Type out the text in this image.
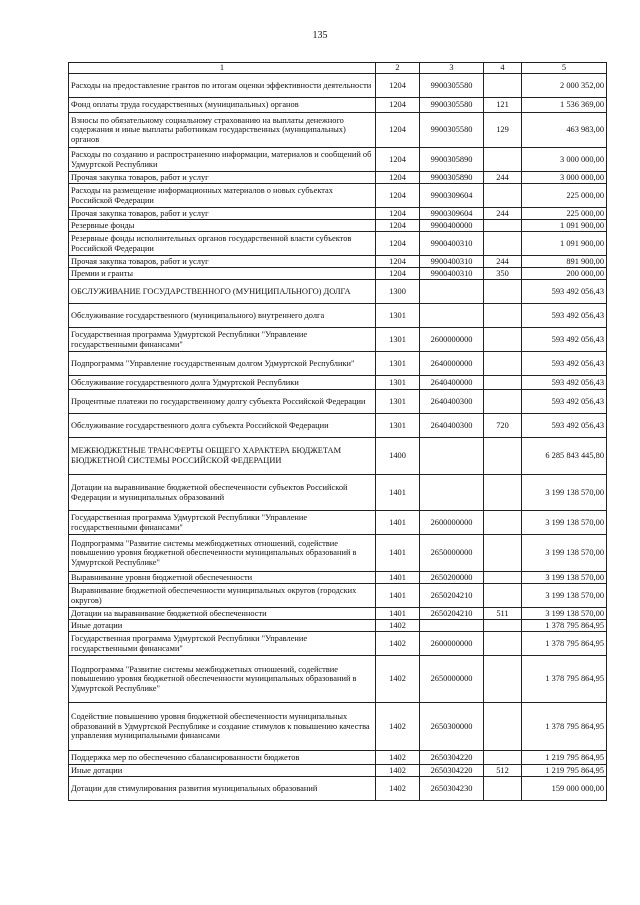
135
1	2	3	4	5
Расходы на предоставление грантов по итогам оценки эффективности деятельности	1204	9900305580		2 000 352,00
Фонд оплаты труда государственных (муниципальных) органов	1204	9900305580	121	1 536 369,00
Взносы по обязательному социальному страхованию на выплаты денежного содержания и иные выплаты работникам государственных (муниципальных) органов	1204	9900305580	129	463 983,00
Расходы по созданию и распространению информации, материалов и сообщений об Удмуртской Республики	1204	9900305890		3 000 000,00
Прочая закупка товаров, работ и услуг	1204	9900305890	244	3 000 000,00
Расходы на размещение информационных материалов о новых субъектах Российской Федерации	1204	9900309604		225 000,00
Прочая закупка товаров, работ и услуг	1204	9900309604	244	225 000,00
Резервные фонды	1204	9900400000		1 091 900,00
Резервные фонды исполнительных органов государственной власти субъектов Российской Федерации	1204	9900400310		1 091 900,00
Прочая закупка товаров, работ и услуг	1204	9900400310	244	891 900,00
Премии и гранты	1204	9900400310	350	200 000,00
ОБСЛУЖИВАНИЕ ГОСУДАРСТВЕННОГО (МУНИЦИПАЛЬНОГО) ДОЛГА	1300			593 492 056,43
Обслуживание государственного (муниципального) внутреннего долга	1301			593 492 056,43
Государственная программа Удмуртской Республики "Управление государственными финансами"	1301	2600000000		593 492 056,43
Подпрограмма "Управление государственным долгом Удмуртской Республики"	1301	2640000000		593 492 056,43
Обслуживание государственного долга Удмуртской Республики	1301	2640400000		593 492 056,43
Процентные платежи по государственному долгу субъекта Российской Федерации	1301	2640400300		593 492 056,43
Обслуживание государственного долга субъекта Российской Федерации	1301	2640400300	720	593 492 056,43
МЕЖБЮДЖЕТНЫЕ ТРАНСФЕРТЫ ОБЩЕГО ХАРАКТЕРА БЮДЖЕТАМ БЮДЖЕТНОЙ СИСТЕМЫ РОССИЙСКОЙ ФЕДЕРАЦИИ	1400			6 285 843 445,80
Дотации на выравнивание бюджетной обеспеченности субъектов Российской Федерации и муниципальных образований	1401			3 199 138 570,00
Государственная программа Удмуртской Республики "Управление государственными финансами"	1401	2600000000		3 199 138 570,00
Подпрограмма "Развитие системы межбюджетных отношений, содействие повышению уровня бюджетной обеспеченности муниципальных образований в Удмуртской Республике"	1401	2650000000		3 199 138 570,00
Выравнивание уровня бюджетной обеспеченности	1401	2650200000		3 199 138 570,00
Выравнивание бюджетной обеспеченности муниципальных округов (городских округов)	1401	2650204210		3 199 138 570,00
Дотации на выравнивание бюджетной обеспеченности	1401	2650204210	511	3 199 138 570,00
Иные дотации	1402			1 378 795 864,95
Государственная программа Удмуртской Республики "Управление государственными финансами"	1402	2600000000		1 378 795 864,95
Подпрограмма "Развитие системы межбюджетных отношений, содействие повышению уровня бюджетной обеспеченности муниципальных образований в Удмуртской Республике"	1402	2650000000		1 378 795 864,95
Содействие повышению уровня бюджетной обеспеченности муниципальных образований в Удмуртской Республике и создание стимулов к повышению качества управления муниципальными финансами	1402	2650300000		1 378 795 864,95
Поддержка мер по обеспечению сбалансированности бюджетов	1402	2650304220		1 219 795 864,95
Иные дотации	1402	2650304220	512	1 219 795 864,95
Дотации для стимулирования развития муниципальных образований	1402	2650304230		159 000 000,00
